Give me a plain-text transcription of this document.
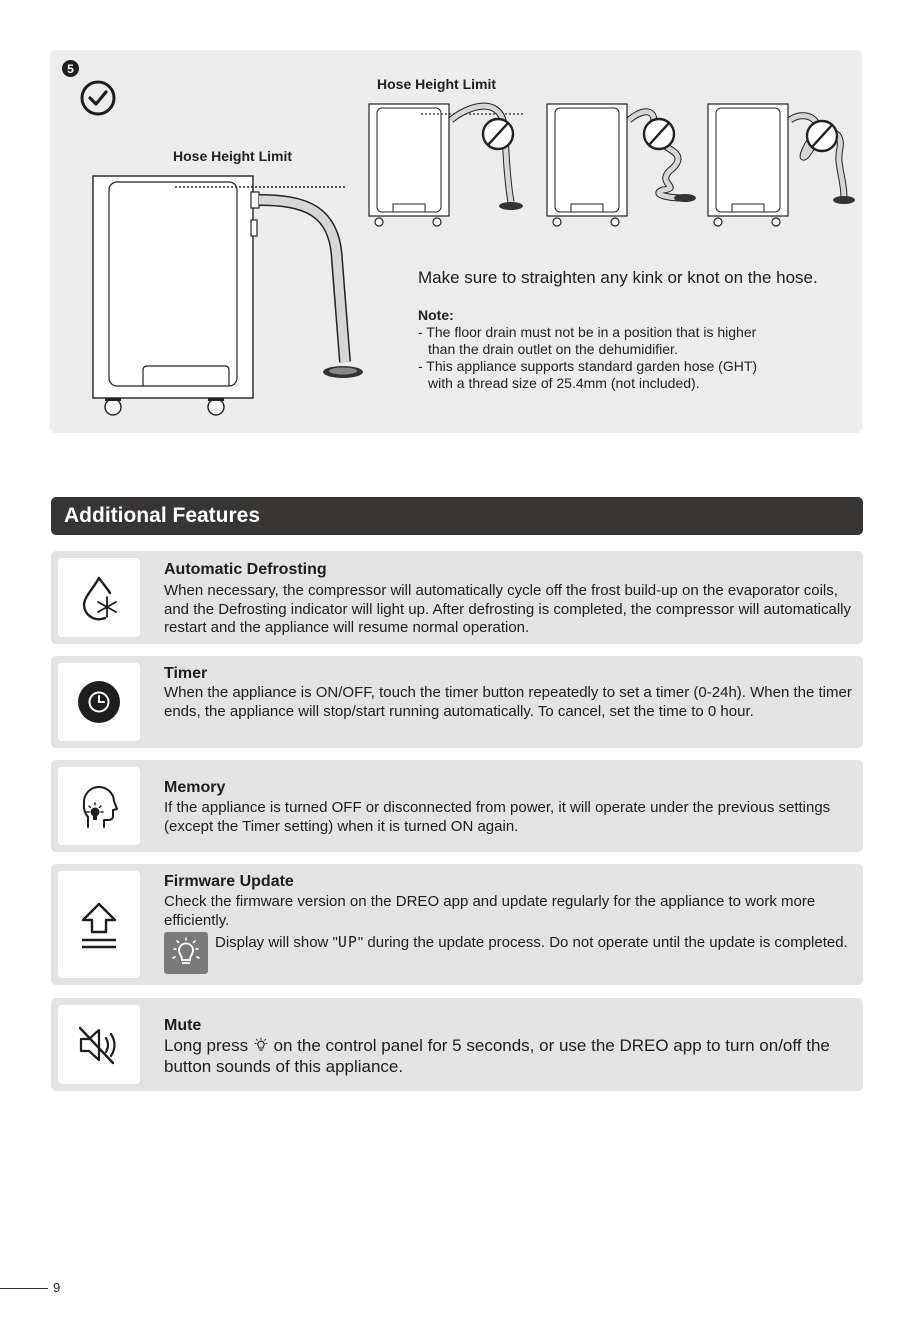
5
Hose Height Limit
Hose Height Limit
Make sure to straighten any kink or knot on the hose.
Note:
- The floor drain must not be in a position that is higher
than the drain outlet on the dehumidifier.
- This appliance supports standard garden hose (GHT)
with a thread size of 25.4mm (not included).
Additional Features
Automatic Defrosting
When necessary, the compressor will automatically cycle off the frost build-up on the evaporator coils, and the Defrosting indicator will light up. After defrosting is completed, the compressor will automatically restart and the appliance will resume normal operation.
Timer
When the appliance is ON/OFF, touch the timer button repeatedly to set a timer (0-24h). When the timer ends, the appliance will stop/start running automatically. To cancel, set the time to 0 hour.
Memory
If the appliance is turned OFF or disconnected from power, it will operate under the previous settings (except the Timer setting) when it is turned ON again.
Firmware Update
Check the firmware version on the DREO app and update regularly for the appliance to work more efficiently.
Display will show "UP" during the update process. Do not operate until the update is completed.
Mute
Long press  on the control panel for 5 seconds, or use the DREO app to turn on/off the button sounds of this appliance.
9
